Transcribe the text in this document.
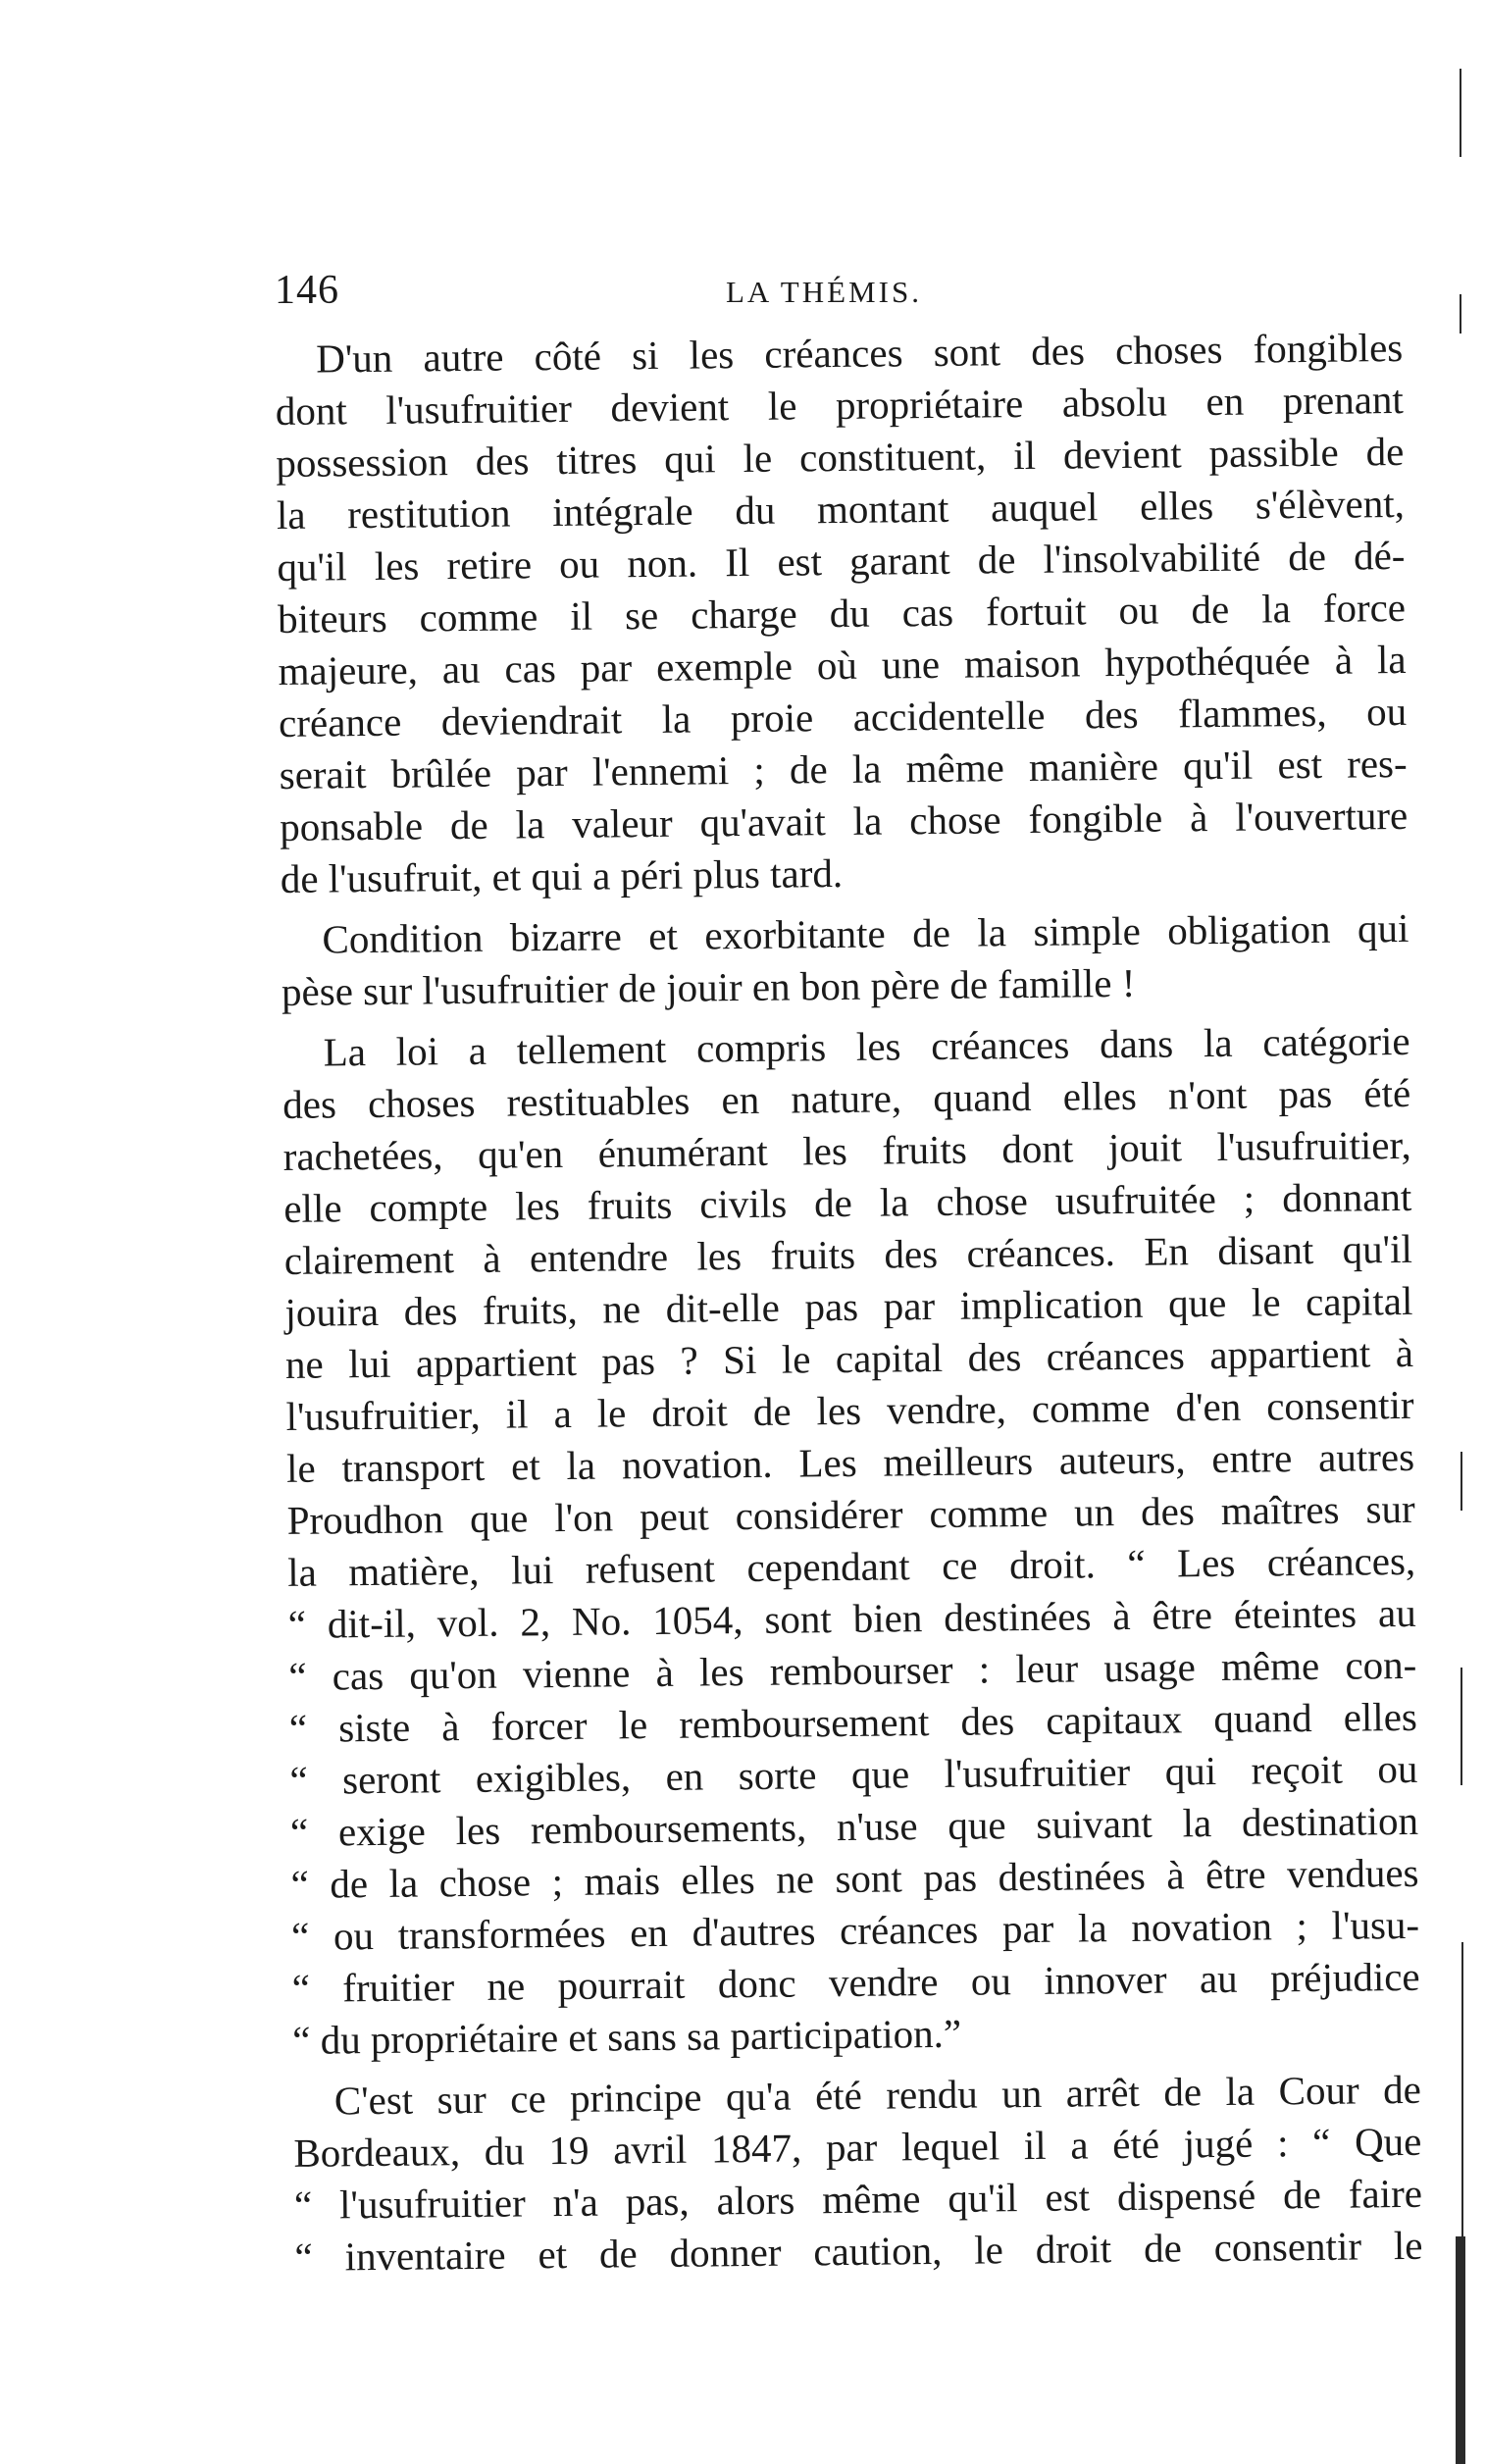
146	LA THÉMIS.

D'un autre côté si les créances sont des choses fongibles
dont l'usufruitier devient le propriétaire absolu en prenant
possession des titres qui le constituent, il devient passible de
la restitution intégrale du montant auquel elles s'élèvent,
qu'il les retire ou non. Il est garant de l'insolvabilité de dé-
biteurs comme il se charge du cas fortuit ou de la force
majeure, au cas par exemple où une maison hypothéquée à la
créance deviendrait la proie accidentelle des flammes, ou
serait brûlée par l'ennemi ; de la même manière qu'il est res-
ponsable de la valeur qu'avait la chose fongible à l'ouverture
de l'usufruit, et qui a péri plus tard.

Condition bizarre et exorbitante de la simple obligation qui
pèse sur l'usufruitier de jouir en bon père de famille !

La loi a tellement compris les créances dans la catégorie
des choses restituables en nature, quand elles n'ont pas été
rachetées, qu'en énumérant les fruits dont jouit l'usufruitier,
elle compte les fruits civils de la chose usufruitée ; donnant
clairement à entendre les fruits des créances. En disant qu'il
jouira des fruits, ne dit-elle pas par implication que le capital
ne lui appartient pas ? Si le capital des créances appartient à
l'usufruitier, il a le droit de les vendre, comme d'en consentir
le transport et la novation. Les meilleurs auteurs, entre autres
Proudhon que l'on peut considérer comme un des maîtres sur
la matière, lui refusent cependant ce droit. “ Les créances,
“ dit-il, vol. 2, No. 1054, sont bien destinées à être éteintes au
“ cas qu'on vienne à les rembourser : leur usage même con-
“ siste à forcer le remboursement des capitaux quand elles
“ seront exigibles, en sorte que l'usufruitier qui reçoit ou
“ exige les remboursements, n'use que suivant la destination
“ de la chose ; mais elles ne sont pas destinées à être vendues
“ ou transformées en d'autres créances par la novation ; l'usu-
“ fruitier ne pourrait donc vendre ou innover au préjudice
“ du propriétaire et sans sa participation.”

C'est sur ce principe qu'a été rendu un arrêt de la Cour de
Bordeaux, du 19 avril 1847, par lequel il a été jugé : “ Que
“ l'usufruitier n'a pas, alors même qu'il est dispensé de faire
“ inventaire et de donner caution, le droit de consentir le
